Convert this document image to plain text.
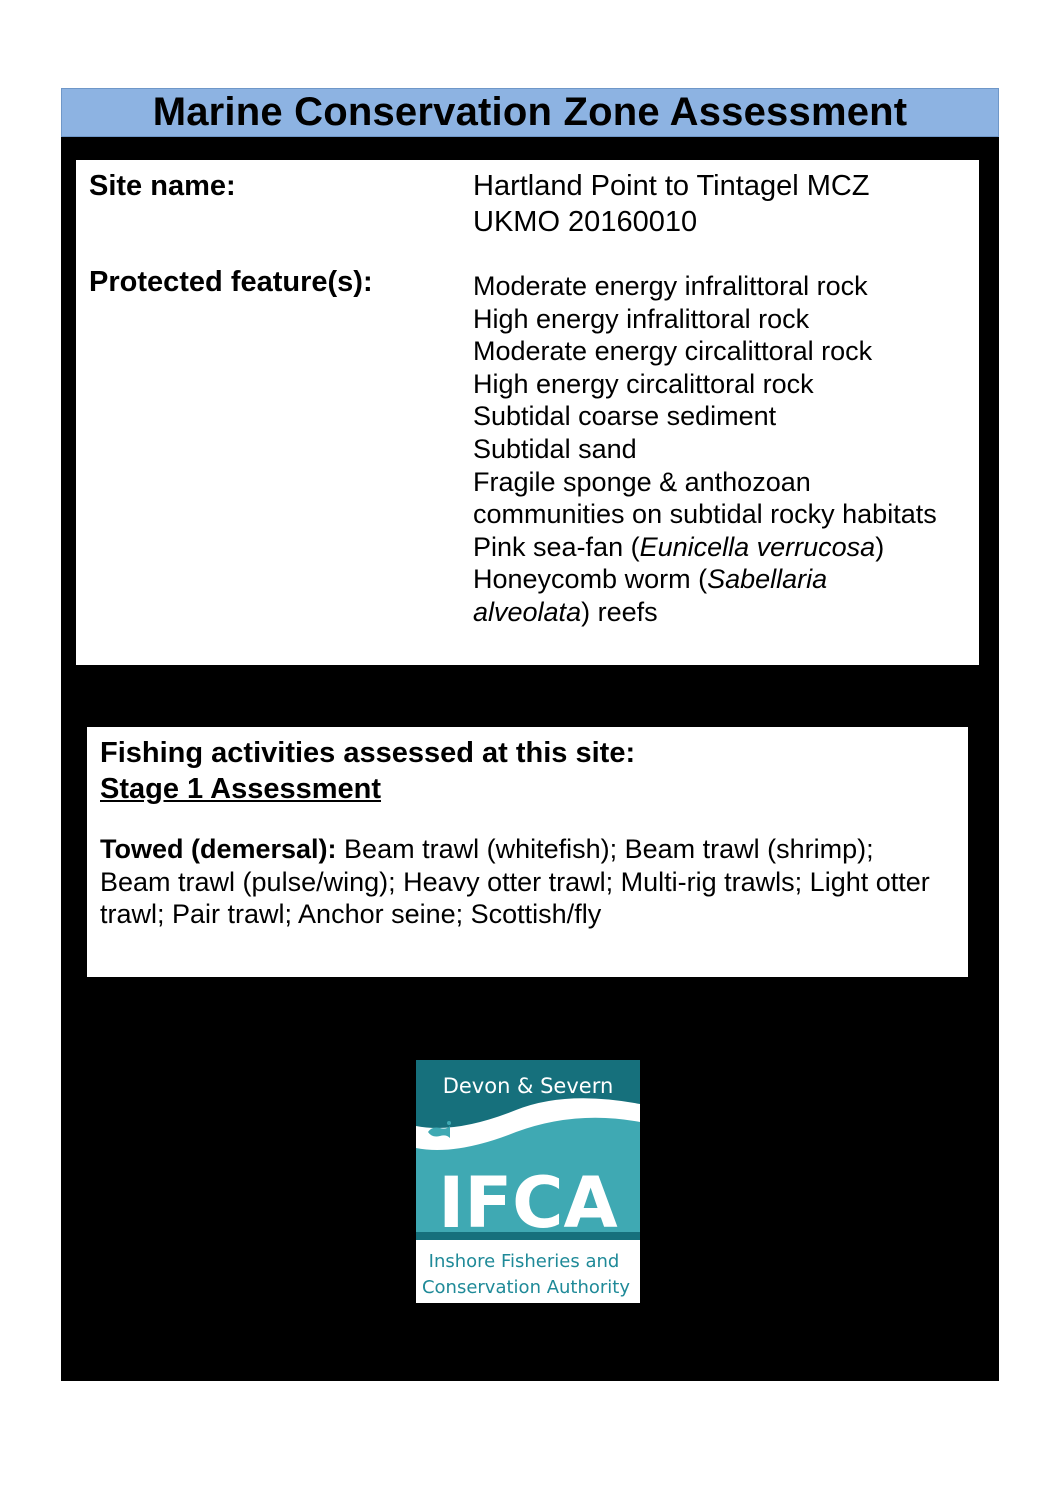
Marine Conservation Zone Assessment
Site name:	Hartland Point to Tintagel MCZ
UKMO 20160010
Protected feature(s):	Moderate energy infralittoral rock
High energy infralittoral rock
Moderate energy circalittoral rock
High energy circalittoral rock
Subtidal coarse sediment
Subtidal sand
Fragile sponge & anthozoan
communities on subtidal rocky habitats
Pink sea-fan (Eunicella verrucosa)
Honeycomb worm (Sabellaria
alveolata) reefs
Fishing activities assessed at this site:
Stage 1 Assessment
Towed (demersal): Beam trawl (whitefish); Beam trawl (shrimp); Beam trawl (pulse/wing); Heavy otter trawl; Multi-rig trawls; Light otter trawl; Pair trawl; Anchor seine; Scottish/fly
Devon & Severn
IFCA
Inshore Fisheries and
Conservation Authority
